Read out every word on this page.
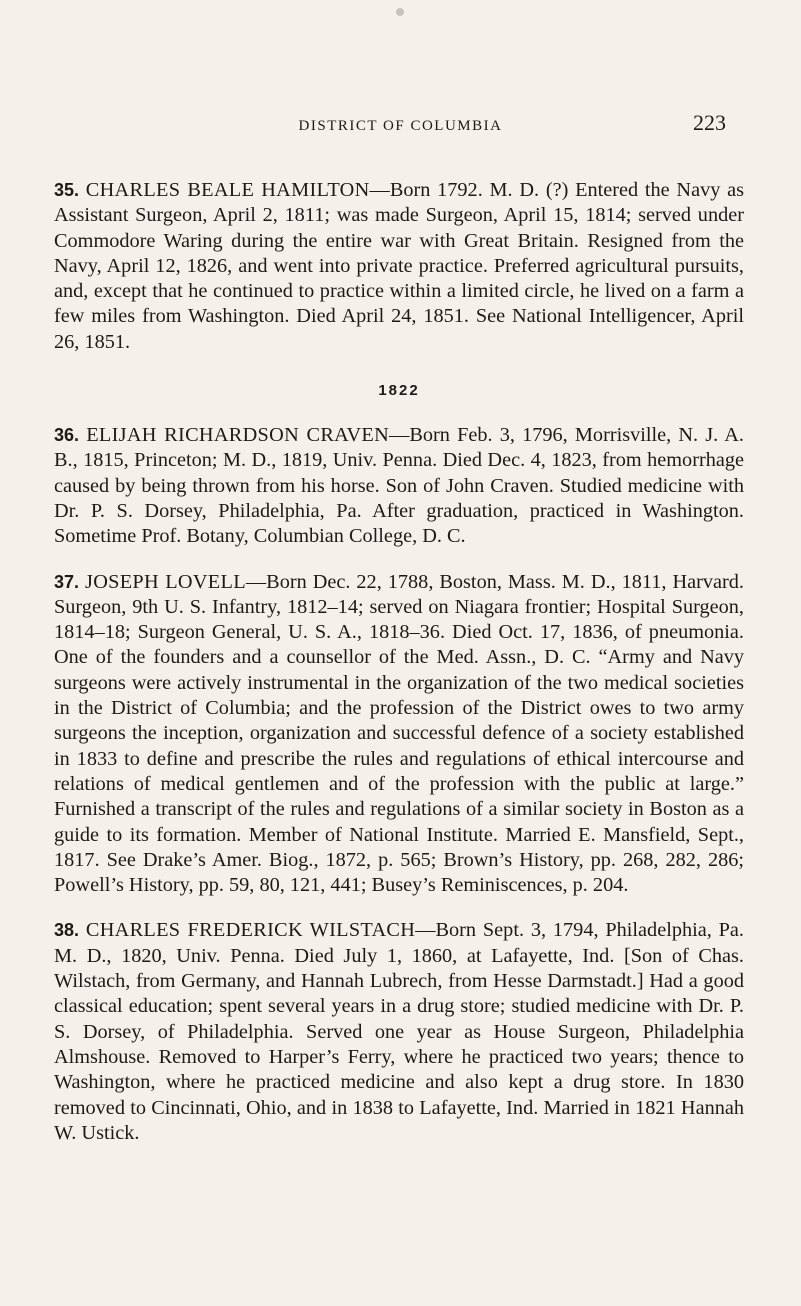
DISTRICT OF COLUMBIA	223

35. CHARLES BEALE HAMILTON—Born 1792. M. D. (?) Entered the Navy as Assistant Surgeon, April 2, 1811; was made Surgeon, April 15, 1814; served under Commodore Waring during the entire war with Great Britain. Resigned from the Navy, April 12, 1826, and went into private practice. Preferred agricultural pursuits, and, except that he continued to practice within a limited circle, he lived on a farm a few miles from Washington. Died April 24, 1851. See National Intelligencer, April 26, 1851.

1822

36. ELIJAH RICHARDSON CRAVEN—Born Feb. 3, 1796, Morrisville, N. J. A. B., 1815, Princeton; M. D., 1819, Univ. Penna. Died Dec. 4, 1823, from hemorrhage caused by being thrown from his horse. Son of John Craven. Studied medicine with Dr. P. S. Dorsey, Philadelphia, Pa. After graduation, practiced in Washington. Sometime Prof. Botany, Columbian College, D. C.

37. JOSEPH LOVELL—Born Dec. 22, 1788, Boston, Mass. M. D., 1811, Harvard. Surgeon, 9th U. S. Infantry, 1812–14; served on Niagara frontier; Hospital Surgeon, 1814–18; Surgeon General, U. S. A., 1818–36. Died Oct. 17, 1836, of pneumonia. One of the founders and a counsellor of the Med. Assn., D. C. “Army and Navy surgeons were actively instrumental in the organization of the two medical societies in the District of Columbia; and the profession of the District owes to two army surgeons the inception, organization and successful defence of a society established in 1833 to define and prescribe the rules and regulations of ethical intercourse and relations of medical gentlemen and of the profession with the public at large.” Furnished a transcript of the rules and regulations of a similar society in Boston as a guide to its formation. Member of National Institute. Married E. Mansfield, Sept., 1817. See Drake’s Amer. Biog., 1872, p. 565; Brown’s History, pp. 268, 282, 286; Powell’s History, pp. 59, 80, 121, 441; Busey’s Reminiscences, p. 204.

38. CHARLES FREDERICK WILSTACH—Born Sept. 3, 1794, Philadelphia, Pa. M. D., 1820, Univ. Penna. Died July 1, 1860, at Lafayette, Ind. [Son of Chas. Wilstach, from Germany, and Hannah Lubrech, from Hesse Darmstadt.] Had a good classical education; spent several years in a drug store; studied medicine with Dr. P. S. Dorsey, of Philadelphia. Served one year as House Surgeon, Philadelphia Almshouse. Removed to Harper’s Ferry, where he practiced two years; thence to Washington, where he practiced medicine and also kept a drug store. In 1830 removed to Cincinnati, Ohio, and in 1838 to Lafayette, Ind. Married in 1821 Hannah W. Ustick.
